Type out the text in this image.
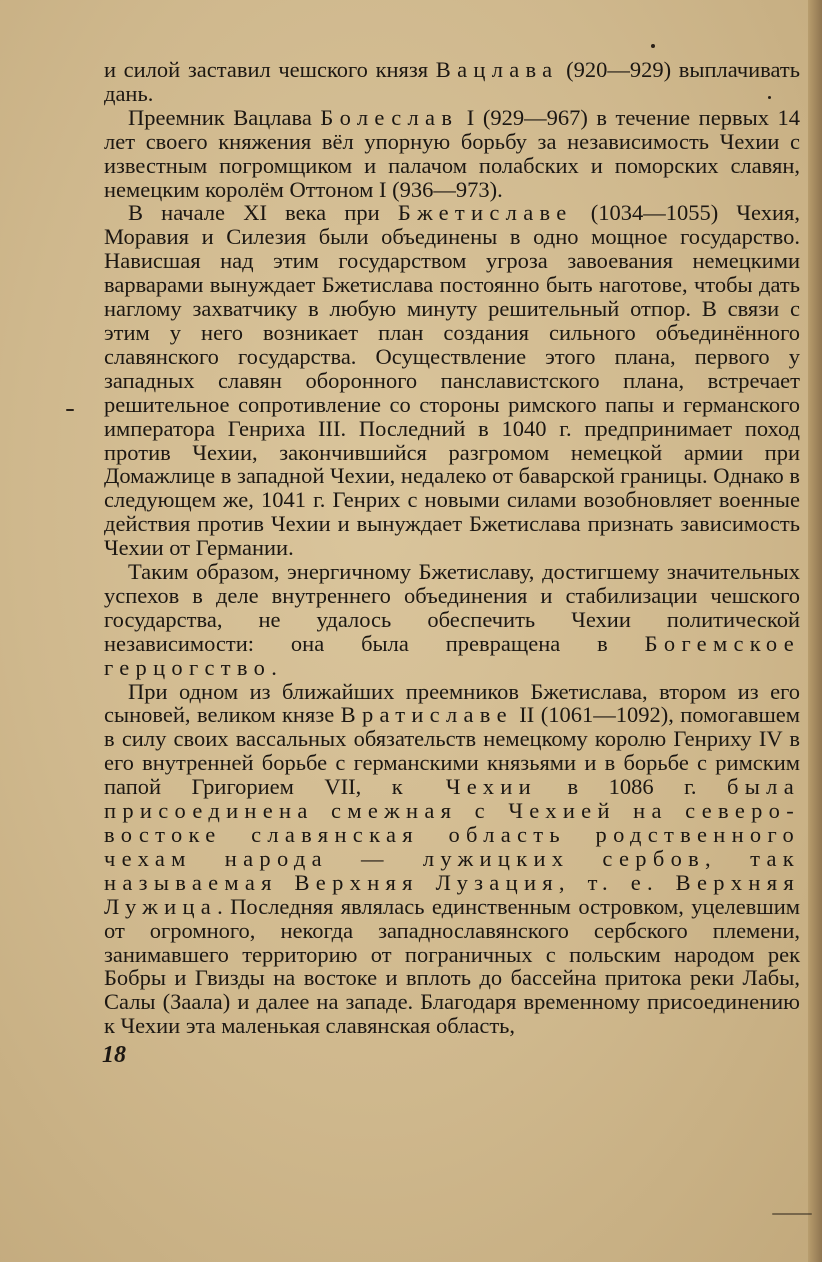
и силой заставил чешского князя Вацлава (920—929) выплачивать дань.

Преемник Вацлава Болеслав I (929—967) в течение первых 14 лет своего княжения вёл упорную борьбу за независимость Чехии с известным погромщиком и палачом полабских и поморских славян, немецким королём Оттоном I (936—973).

В начале XI века при Бжетиславе (1034—1055) Чехия, Моравия и Силезия были объединены в одно мощное государство. Нависшая над этим государством угроза завоевания немецкими варварами вынуждает Бжетислава постоянно быть наготове, чтобы дать наглому захватчику в любую минуту решительный отпор. В связи с этим у него возникает план создания сильного объединённого славянского государства. Осуществление этого плана, первого у западных славян оборонного панславистского плана, встречает решительное сопротивление со стороны римского папы и германского императора Генриха III. Последний в 1040 г. предпринимает поход против Чехии, закончившийся разгромом немецкой армии при Домажлице в западной Чехии, недалеко от баварской границы. Однако в следующем же, 1041 г. Генрих с новыми силами возобновляет военные действия против Чехии и вынуждает Бжетислава признать зависимость Чехии от Германии.

Таким образом, энергичному Бжетиславу, достигшему значительных успехов в деле внутреннего объединения и стабилизации чешского государства, не удалось обеспечить Чехии политической независимости: она была превращена в Богемское герцогство.

При одном из ближайших преемников Бжетислава, втором из его сыновей, великом князе Вратиславе II (1061—1092), помогавшем в силу своих вассальных обязательств немецкому королю Генриху IV в его внутренней борьбе с германскими князьями и в борьбе с римским папой Григорием VII, к Чехии в 1086 г. была присоединена смежная с Чехией на северо-востоке славянская область родственного чехам народа — лужицких сербов, так называемая Верхняя Лузация, т. е. Верхняя Лужица. Последняя являлась единственным островком, уцелевшим от огромного, некогда западнославянского сербского племени, занимавшего территорию от пограничных с польским народом рек Бобры и Гвизды на востоке и вплоть до бассейна притока реки Лабы, Салы (Заала) и далее на западе. Благодаря временному присоединению к Чехии эта маленькая славянская область,

18
